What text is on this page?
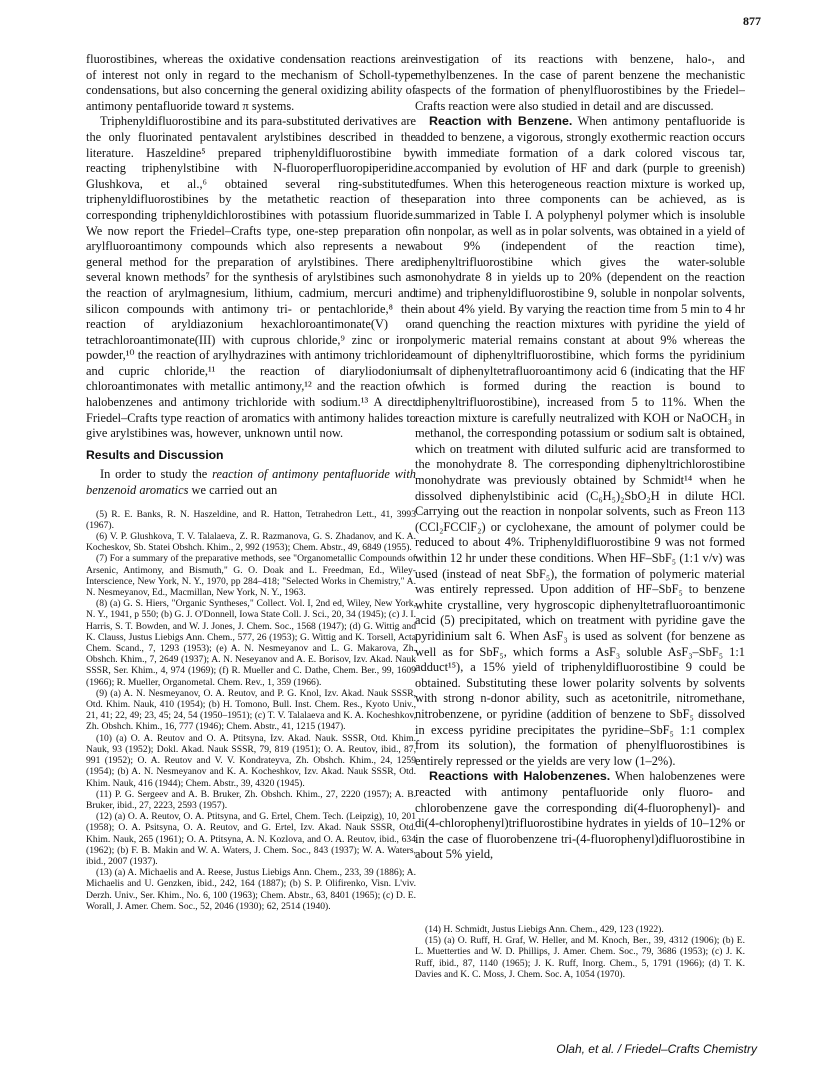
877

fluorostibines, whereas the oxidative condensation reactions are of interest not only in regard to the mechanism of Scholl-type condensations, but also concerning the general oxidizing ability of antimony pentafluoride toward π systems.

Triphenyldifluorostibine and its para-substituted derivatives are the only fluorinated pentavalent arylstibines described in the literature. Haszeldine⁵ prepared triphenyldifluorostibine by reacting triphenylstibine with N-fluoroperfluoropiperidine. Glushkova, et al.,⁶ obtained several ring-substituted triphenyldifluorostibines by the metathetic reaction of the corresponding triphenyldichlorostibines with potassium fluoride. We now report the Friedel–Crafts type, one-step preparation of arylfluoroantimony compounds which also represents a new general method for the preparation of arylstibines. There are several known methods⁷ for the synthesis of arylstibines such as the reaction of arylmagnesium, lithium, cadmium, mercuri and silicon compounds with antimony tri- or pentachloride,⁸ the reaction of aryldiazonium hexachloroantimonate(V) or tetrachloroantimonate(III) with cuprous chloride,⁹ zinc or iron powder,¹⁰ the reaction of arylhydrazines with antimony trichloride and cupric chloride,¹¹ the reaction of diaryliodonium chloroantimonates with metallic antimony,¹² and the reaction of halobenzenes and antimony trichloride with sodium.¹³ A direct Friedel–Crafts type reaction of aromatics with antimony halides to give arylstibines was, however, unknown until now.

Results and Discussion

In order to study the reaction of antimony pentafluoride with benzenoid aromatics we carried out an

(5) R. E. Banks, R. N. Haszeldine, and R. Hatton, Tetrahedron Lett., 41, 3993 (1967).

(6) V. P. Glushkova, T. V. Talalaeva, Z. R. Razmanova, G. S. Zhadanov, and K. A. Kocheskov, Sb. Statei Obshch. Khim., 2, 992 (1953); Chem. Abstr., 49, 6849 (1955).

(7) For a summary of the preparative methods, see "Organometallic Compounds of Arsenic, Antimony, and Bismuth," G. O. Doak and L. Freedman, Ed., Wiley-Interscience, New York, N. Y., 1970, pp 284–418; "Selected Works in Chemistry," A. N. Nesmeyanov, Ed., Macmillan, New York, N. Y., 1963.

(8) (a) G. S. Hiers, "Organic Syntheses," Collect. Vol. I, 2nd ed, Wiley, New York, N. Y., 1941, p 550; (b) G. J. O'Donnell, Iowa State Coll. J. Sci., 20, 34 (1945); (c) J. I. Harris, S. T. Bowden, and W. J. Jones, J. Chem. Soc., 1568 (1947); (d) G. Wittig and K. Clauss, Justus Liebigs Ann. Chem., 577, 26 (1953); G. Wittig and K. Torsell, Acta Chem. Scand., 7, 1293 (1953); (e) A. N. Nesmeyanov and L. G. Makarova, Zh. Obshch. Khim., 7, 2649 (1937); A. N. Neseyanov and A. E. Borisov, Izv. Akad. Nauk SSSR, Ser. Khim., 4, 974 (1969); (f) R. Mueller and C. Dathe, Chem. Ber., 99, 1609 (1966); R. Mueller, Organometal. Chem. Rev., 1, 359 (1966).

(9) (a) A. N. Nesmeyanov, O. A. Reutov, and P. G. Knol, Izv. Akad. Nauk SSSR, Otd. Khim. Nauk, 410 (1954); (b) H. Tomono, Bull. Inst. Chem. Res., Kyoto Univ., 21, 41; 22, 49; 23, 45; 24, 54 (1950–1951); (c) T. V. Talalaeva and K. A. Kocheshkov, Zh. Obshch. Khim., 16, 777 (1946); Chem. Abstr., 41, 1215 (1947).

(10) (a) O. A. Reutov and O. A. Ptitsyna, Izv. Akad. Nauk. SSSR, Otd. Khim. Nauk, 93 (1952); Dokl. Akad. Nauk SSSR, 79, 819 (1951); O. A. Reutov, ibid., 87, 991 (1952); O. A. Reutov and V. V. Kondrateyva, Zh. Obshch. Khim., 24, 1259 (1954); (b) A. N. Nesmeyanov and K. A. Kocheshkov, Izv. Akad. Nauk SSSR, Otd. Khim. Nauk, 416 (1944); Chem. Abstr., 39, 4320 (1945).

(11) P. G. Sergeev and A. B. Bruker, Zh. Obshch. Khim., 27, 2220 (1957); A. B. Bruker, ibid., 27, 2223, 2593 (1957).

(12) (a) O. A. Reutov, O. A. Ptitsyna, and G. Ertel, Chem. Tech. (Leipzig), 10, 201 (1958); O. A. Psitsyna, O. A. Reutov, and G. Ertel, Izv. Akad. Nauk SSSR, Otd. Khim. Nauk, 265 (1961); O. A. Ptitsyna, A. N. Kozlova, and O. A. Reutov, ibid., 634 (1962); (b) F. B. Makin and W. A. Waters, J. Chem. Soc., 843 (1937); W. A. Waters, ibid., 2007 (1937).

(13) (a) A. Michaelis and A. Reese, Justus Liebigs Ann. Chem., 233, 39 (1886); A. Michaelis and U. Genzken, ibid., 242, 164 (1887); (b) S. P. Olifirenko, Visn. L'viv. Derzh. Univ., Ser. Khim., No. 6, 100 (1963); Chem. Abstr., 63, 8401 (1965); (c) D. E. Worall, J. Amer. Chem. Soc., 52, 2046 (1930); 62, 2514 (1940).

investigation of its reactions with benzene, halo-, and methylbenzenes. In the case of parent benzene the mechanistic aspects of the formation of phenylfluorostibines by the Friedel–Crafts reaction were also studied in detail and are discussed.

Reaction with Benzene. When antimony pentafluoride is added to benzene, a vigorous, strongly exothermic reaction occurs with immediate formation of a dark colored viscous tar, accompanied by evolution of HF and dark (purple to greenish) fumes. When this heterogeneous reaction mixture is worked up, separation into three components can be achieved, as is summarized in Table I. A polyphenyl polymer which is insoluble in nonpolar, as well as in polar solvents, was obtained in a yield of about 9% (independent of the reaction time), diphenyltrifluorostibine which gives the water-soluble monohydrate 8 in yields up to 20% (dependent on the reaction time) and triphenyldifluorostibine 9, soluble in nonpolar solvents, in about 4% yield. By varying the reaction time from 5 min to 4 hr and quenching the reaction mixtures with pyridine the yield of polymeric material remains constant at about 9% whereas the amount of diphenyltrifluorostibine, which forms the pyridinium salt of diphenyltetrafluoroantimony acid 6 (indicating that the HF which is formed during the reaction is bound to diphenyltrifluorostibine), increased from 5 to 11%. When the reaction mixture is carefully neutralized with KOH or NaOCH₃ in methanol, the corresponding potassium or sodium salt is obtained, which on treatment with diluted sulfuric acid are transformed to the monohydrate 8. The corresponding diphenyltrichlorostibine monohydrate was previously obtained by Schmidt¹⁴ when he dissolved diphenylstibinic acid (C₆H₅)₂SbO₂H in dilute HCl. Carrying out the reaction in nonpolar solvents, such as Freon 113 (CCl₂FCClF₂) or cyclohexane, the amount of polymer could be reduced to about 4%. Triphenyldifluorostibine 9 was not formed within 12 hr under these conditions. When HF–SbF₅ (1:1 v/v) was used (instead of neat SbF₅), the formation of polymeric material was entirely repressed. Upon addition of HF–SbF₅ to benzene white crystalline, very hygroscopic diphenyltetrafluoroantimonic acid (5) precipitated, which on treatment with pyridine gave the pyridinium salt 6. When AsF₃ is used as solvent (for benzene as well as for SbF₅, which forms a AsF₃ soluble AsF₃–SbF₅ 1:1 adduct¹⁵), a 15% yield of triphenyldifluorostibine 9 could be obtained. Substituting these lower polarity solvents by solvents with strong n-donor ability, such as acetonitrile, nitromethane, nitrobenzene, or pyridine (addition of benzene to SbF₅ dissolved in excess pyridine precipitates the pyridine–SbF₅ 1:1 complex from its solution), the formation of phenylfluorostibines is entirely repressed or the yields are very low (1–2%).

Reactions with Halobenzenes. When halobenzenes were reacted with antimony pentafluoride only fluoro- and chlorobenzene gave the corresponding di(4-fluorophenyl)- and di(4-chlorophenyl)trifluorostibine hydrates in yields of 10–12% or in the case of fluorobenzene tri-(4-fluorophenyl)difluorostibine in about 5% yield,

(14) H. Schmidt, Justus Liebigs Ann. Chem., 429, 123 (1922).

(15) (a) O. Ruff, H. Graf, W. Heller, and M. Knoch, Ber., 39, 4312 (1906); (b) E. L. Muetterties and W. D. Phillips, J. Amer. Chem. Soc., 79, 3686 (1953); (c) J. K. Ruff, ibid., 87, 1140 (1965); J. K. Ruff, Inorg. Chem., 5, 1791 (1966); (d) T. K. Davies and K. C. Moss, J. Chem. Soc. A, 1054 (1970).

Olah, et al. / Friedel–Crafts Chemistry
